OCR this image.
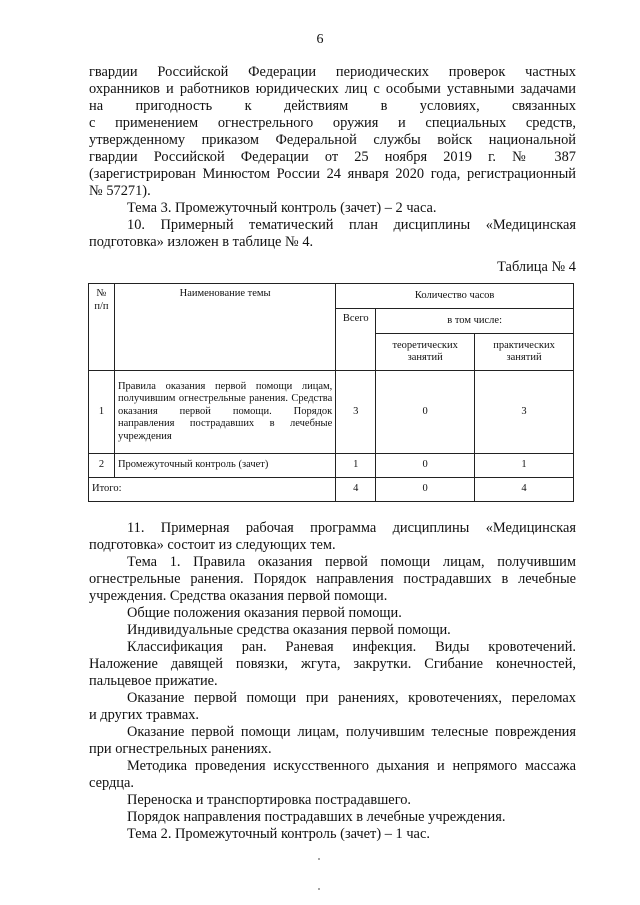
6

гвардии Российской Федерации периодических проверок частных

охранников и работников юридических лиц с особыми уставными задачами

на пригодность к действиям в условиях, связанных

с применением огнестрельного оружия и специальных средств,

утвержденному приказом Федеральной службы войск национальной

гвардии Российской Федерации от 25 ноября 2019 г. № 387

(зарегистрирован Минюстом России 24 января 2020 года, регистрационный

№ 57271).

Тема 3. Промежуточный контроль (зачет) – 2 часа.

10. Примерный тематический план дисциплины «Медицинская

подготовка» изложен в таблице № 4.

Таблица № 4
№ п/п	Наименование темы	Количество часов		
		Всего	в том числе:	
			теоретических занятий	практических занятий
1	Правила оказания первой помощи лицам, получившим огнестрельные ранения. Средства оказания первой помощи. Порядок направления пострадавших в лечебные учреждения	3	0	3
2	Промежуточный контроль (зачет)	1	0	1
Итого:		4	0	4

11. Примерная рабочая программа дисциплины «Медицинская

подготовка» состоит из следующих тем.

Тема 1. Правила оказания первой помощи лицам, получившим

огнестрельные ранения. Порядок направления пострадавших в лечебные

учреждения. Средства оказания первой помощи.

Общие положения оказания первой помощи.
Индивидуальные средства оказания первой помощи.

Классификация ран. Раневая инфекция. Виды кровотечений.

Наложение давящей повязки, жгута, закрутки. Сгибание конечностей,

пальцевое прижатие.

Оказание первой помощи при ранениях, кровотечениях, переломах

и других травмах.

Оказание первой помощи лицам, получившим телесные повреждения

при огнестрельных ранениях.

Методика проведения искусственного дыхания и непрямого массажа

сердца.

Переноска и транспортировка пострадавшего.
Порядок направления пострадавших в лечебные учреждения.
Тема 2. Промежуточный контроль (зачет) – 1 час.
